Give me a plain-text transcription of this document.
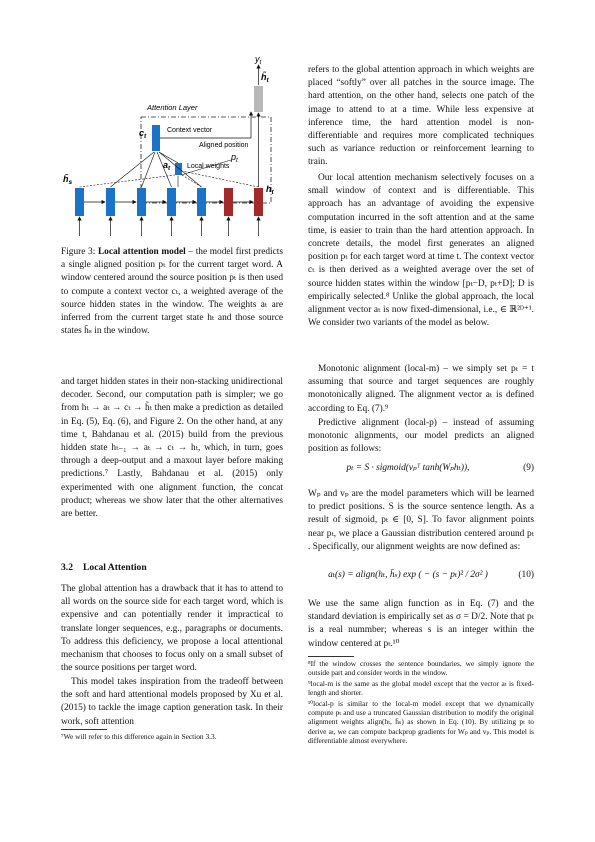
Attention Layer
Context vector
$c_t$
$a_t$ Local weights
Aligned position
$p_t$
$h̃_t$
$y_t$
$h̄_s$
$h_t$
Figure 3: Local attention model – the model first predicts a single aligned position pₜ for the current target word. A window centered around the source position pₜ is then used to compute a context vector cₜ, a weighted average of the source hidden states in the window. The weights aₜ are inferred from the current target state hₜ and those source states h̄ₛ in the window.

and target hidden states in their non-stacking unidirectional decoder. Second, our computation path is simpler; we go from hₜ → aₜ → cₜ → h̃ₜ then make a prediction as detailed in Eq. (5), Eq. (6), and Figure 2. On the other hand, at any time t, Bahdanau et al. (2015) build from the previous hidden state hₜ₋₁ → aₜ → cₜ → hₜ, which, in turn, goes through a deep-output and a maxout layer before making predictions.⁷ Lastly, Bahdanau et al. (2015) only experimented with one alignment function, the concat product; whereas we show later that the other alternatives are better.

3.2 Local Attention

The global attention has a drawback that it has to attend to all words on the source side for each target word, which is expensive and can potentially render it impractical to translate longer sequences, e.g., paragraphs or documents. To address this deficiency, we propose a local attentional mechanism that chooses to focus only on a small subset of the source positions per target word.

This model takes inspiration from the tradeoff between the soft and hard attentional models proposed by Xu et al. (2015) to tackle the image caption generation task. In their work, soft attention

⁷We will refer to this difference again in Section 3.3.

refers to the global attention approach in which weights are placed “softly” over all patches in the source image. The hard attention, on the other hand, selects one patch of the image to attend to at a time. While less expensive at inference time, the hard attention model is non-differentiable and requires more complicated techniques such as variance reduction or reinforcement learning to train.

Our local attention mechanism selectively focuses on a small window of context and is differentiable. This approach has an advantage of avoiding the expensive computation incurred in the soft attention and at the same time, is easier to train than the hard attention approach. In concrete details, the model first generates an aligned position pₜ for each target word at time t. The context vector cₜ is then derived as a weighted average over the set of source hidden states within the window [pₜ−D, pₜ+D]; D is empirically selected.⁸ Unlike the global approach, the local alignment vector aₜ is now fixed-dimensional, i.e., ∈ ℝ²ᴰ⁺¹. We consider two variants of the model as below.

Monotonic alignment (local-m) – we simply set pₜ = t assuming that source and target sequences are roughly monotonically aligned. The alignment vector aₜ is defined according to Eq. (7).⁹

Predictive alignment (local-p) – instead of assuming monotonic alignments, our model predicts an aligned position as follows:

pₜ = S · sigmoid(vₚᵀ tanh(Wₚhₜ)),	(9)

Wₚ and vₚ are the model parameters which will be learned to predict positions. S is the source sentence length. As a result of sigmoid, pₜ ∈ [0, S]. To favor alignment points near pₜ, we place a Gaussian distribution centered around pₜ . Specifically, our alignment weights are now defined as:

aₜ(s) = align(hₜ, h̄ₛ) exp ( − (s − pₜ)² / 2σ² )	(10)

We use the same align function as in Eq. (7) and the standard deviation is empirically set as σ = D/2. Note that pₜ is a real nummber; whereas s is an integer within the window centered at pₜ.¹⁰

⁸If the window crosses the sentence boundaries, we simply ignore the outside part and consider words in the window.
⁹local-m is the same as the global model except that the vector aₜ is fixed-length and shorter.
¹⁰local-p is similar to the local-m model except that we dynamically compute pₜ and use a truncated Gaussian distribution to modify the original alignment weights align(hₜ, h̄ₛ) as shown in Eq. (10). By utilizing pₜ to derive aₜ, we can compute backprop gradients for Wₚ and vₚ. This model is differentiable almost everywhere.
